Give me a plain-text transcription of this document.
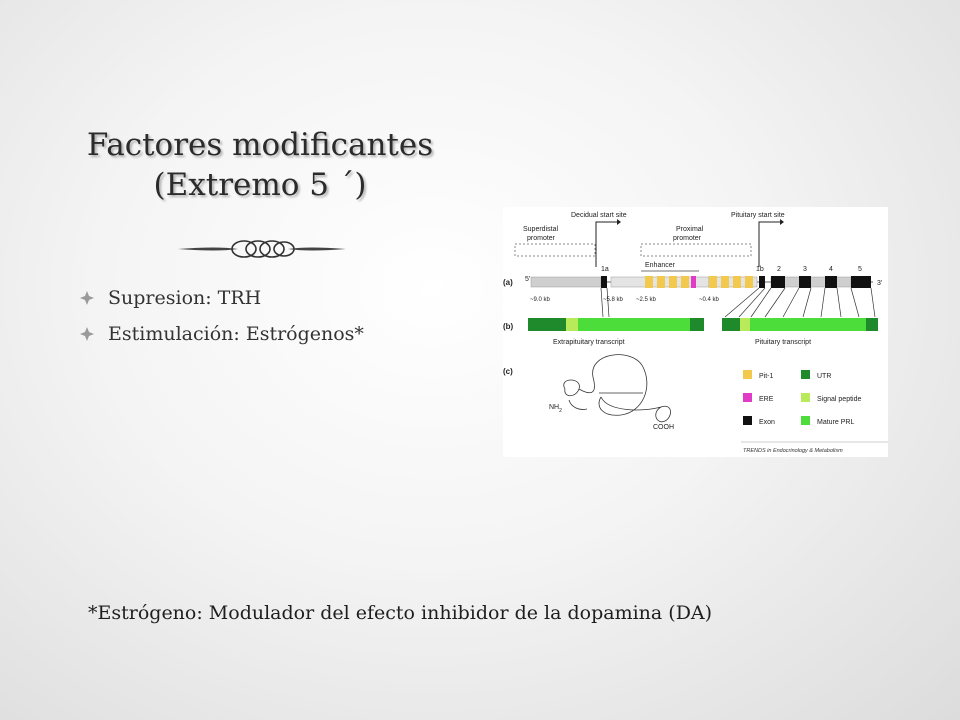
Factores modificantes
(Extremo 5 ´)
Supresion: TRH
Estimulación: Estrógenos*
Decidual start site	Pituitary start site
Superdistal
promoter
Proximal
promoter
Enhancer
(a) 5'
3'
1a	1b 2	3	4	5
~9.0 kb	~5.8 kb ~2.5 kb	~0.4 kb
(b)
Extrapituitary transcript	Pituitary transcript
(c)
$NH_2$
COOH
Pit-1
ERE
Exon
UTR
Signal peptide
Mature PRL
TRENDS in Endocrinology & Metabolism
*Estrógeno: Modulador del efecto inhibidor de la dopamina (DA)
